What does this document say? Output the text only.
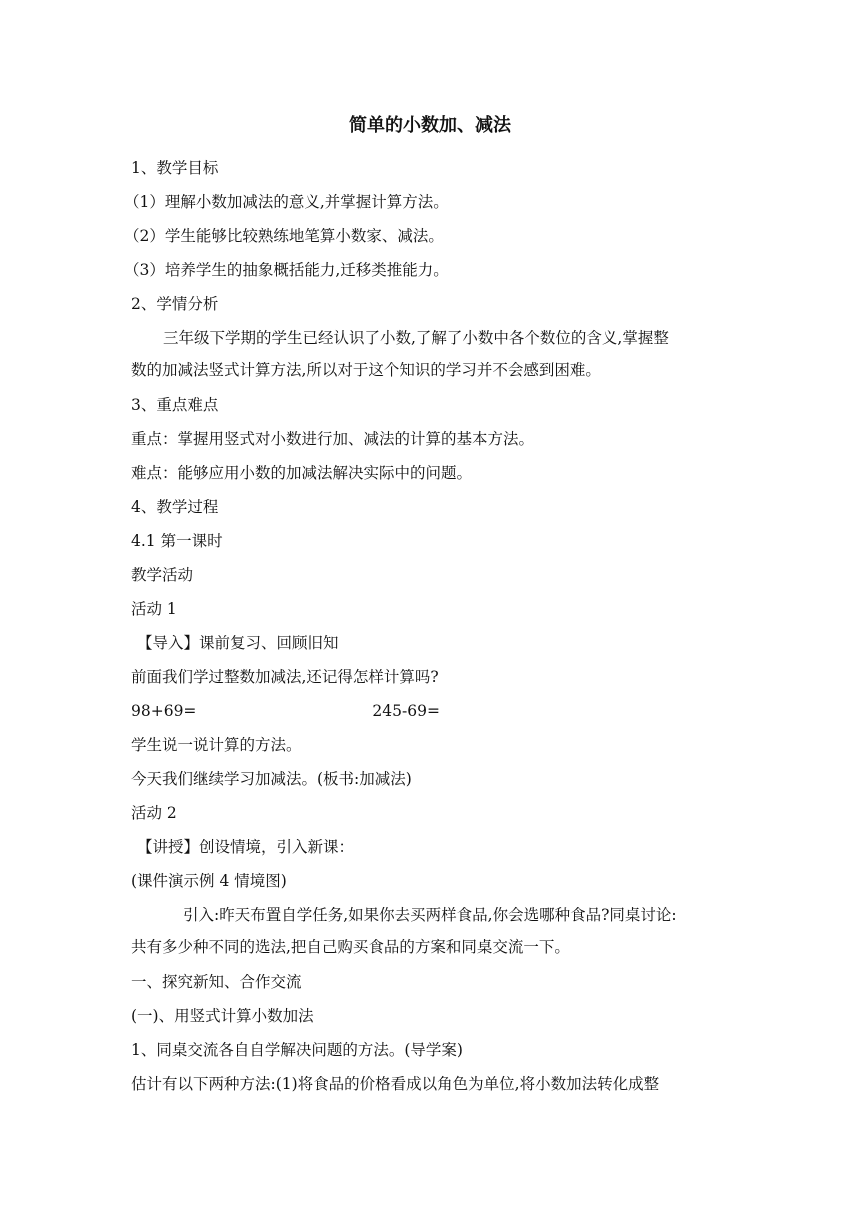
简单的小数加、减法
1、教学目标
（1）理解小数加减法的意义,并掌握计算方法。
（2）学生能够比较熟练地笔算小数家、减法。
（3）培养学生的抽象概括能力,迁移类推能力。
2、学情分析
三年级下学期的学生已经认识了小数,了解了小数中各个数位的含义,掌握整
数的加减法竖式计算方法,所以对于这个知识的学习并不会感到困难。
3、重点难点
重点：掌握用竖式对小数进行加、减法的计算的基本方法。
难点：能够应用小数的加减法解决实际中的问题。
4、教学过程
4.1 第一课时
教学活动
活动 1
【导入】课前复习、回顾旧知
前面我们学过整数加减法,还记得怎样计算吗?
98+69=	245-69=
学生说一说计算的方法。
今天我们继续学习加减法。(板书:加减法)
活动 2
【讲授】创设情境，引入新课：
(课件演示例 4 情境图)
引入:昨天布置自学任务,如果你去买两样食品,你会选哪种食品?同桌讨论:
共有多少种不同的选法,把自己购买食品的方案和同桌交流一下。
一、探究新知、合作交流
(一)、用竖式计算小数加法
1、同桌交流各自自学解决问题的方法。(导学案)
估计有以下两种方法:(1)将食品的价格看成以角色为单位,将小数加法转化成整
